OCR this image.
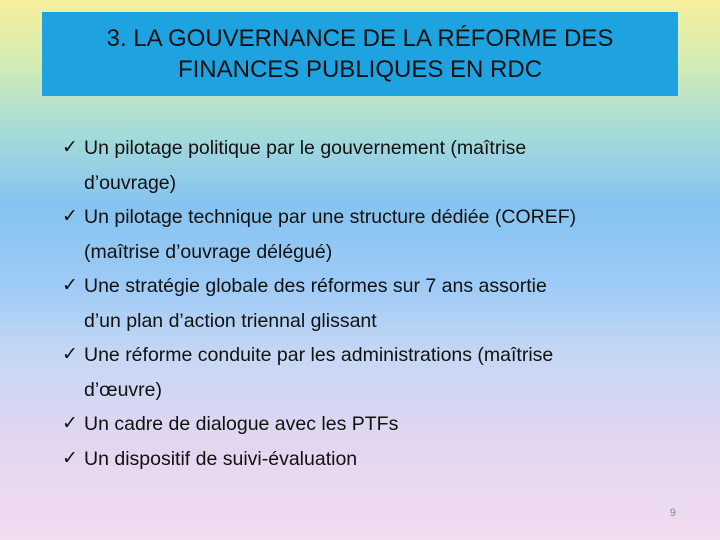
3. LA GOUVERNANCE DE LA RÉFORME DES
FINANCES PUBLIQUES EN RDC
✓ Un pilotage politique par le gouvernement (maîtrise
d’ouvrage)
✓ Un pilotage technique par une structure dédiée (COREF)
(maîtrise d’ouvrage délégué)
✓ Une stratégie globale des réformes sur 7 ans assortie
d’un plan d’action triennal glissant
✓ Une réforme conduite par les administrations (maîtrise
d’œuvre)
✓ Un cadre de dialogue avec les PTFs
✓ Un dispositif de suivi-évaluation
9
